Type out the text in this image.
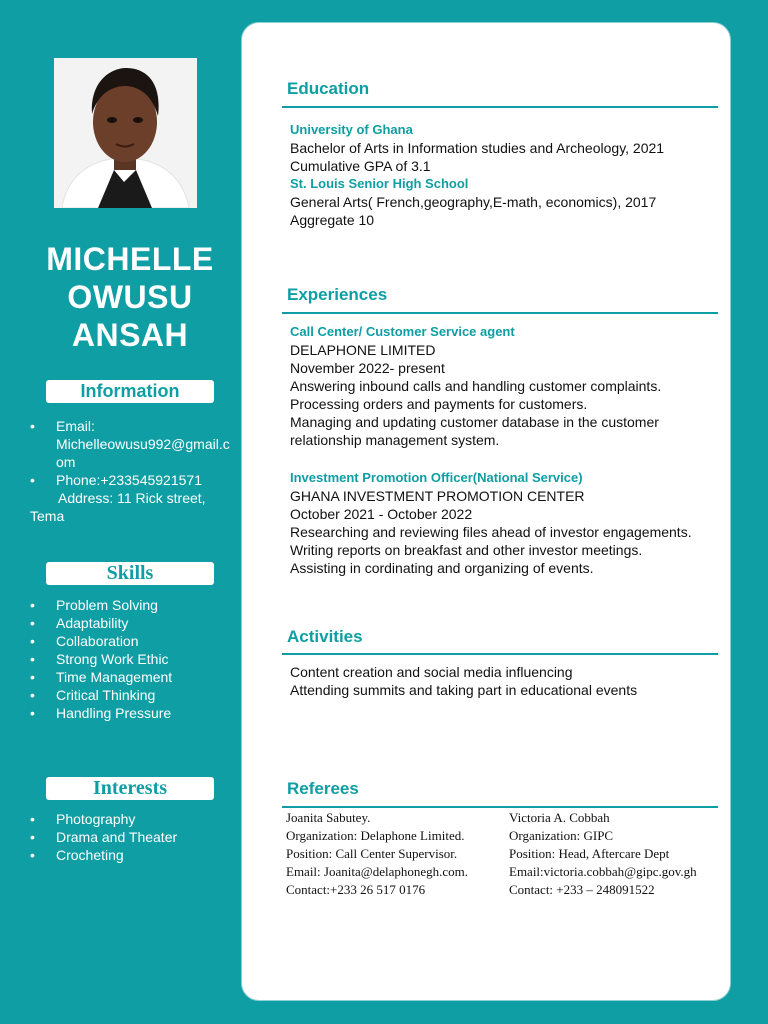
MICHELLE
OWUSU
ANSAH
Information
• Email:
Michelleowusu992@gmail.c
om
• Phone:+233545921571
Address: 11 Rick street,
Tema
Skills
• Problem Solving
• Adaptability
• Collaboration
• Strong Work Ethic
• Time Management
• Critical Thinking
• Handling Pressure
Interests
• Photography
• Drama and Theater
• Crocheting
Education
University of Ghana
Bachelor of Arts in Information studies and Archeology, 2021
Cumulative GPA of 3.1
St. Louis Senior High School
General Arts( French,geography,E-math, economics), 2017
Aggregate 10
Experiences
Call Center/ Customer Service agent
DELAPHONE LIMITED
November 2022- present
Answering inbound calls and handling customer complaints.
Processing orders and payments for customers.
Managing and updating customer database in the customer
relationship management system.
Investment Promotion Officer(National Service)
GHANA INVESTMENT PROMOTION CENTER
October 2021 - October 2022
Researching and reviewing files ahead of investor engagements.
Writing reports on breakfast and other investor meetings.
Assisting in cordinating and organizing of events.
Activities
Content creation and social media influencing
Attending summits and taking part in educational events
Referees
Joanita Sabutey.
Organization: Delaphone Limited.
Position: Call Center Supervisor.
Email: Joanita@delaphonegh.com.
Contact:+233 26 517 0176
Victoria A. Cobbah
Organization: GIPC
Position: Head, Aftercare Dept
Email:victoria.cobbah@gipc.gov.gh
Contact: +233 – 248091522
